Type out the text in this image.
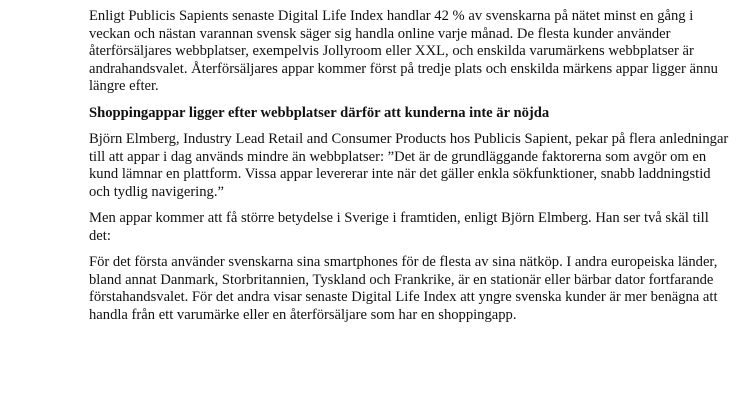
Enligt Publicis Sapients senaste Digital Life Index handlar 42 % av svenskarna på nätet minst en gång i veckan och nästan varannan svensk säger sig handla online varje månad. De flesta kunder använder återförsäljares webbplatser, exempelvis Jollyroom eller XXL, och enskilda varumärkens webbplatser är andrahandsvalet. Återförsäljares appar kommer först på tredje plats och enskilda märkens appar ligger ännu längre efter.

Shoppingappar ligger efter webbplatser därför att kunderna inte är nöjda

Björn Elmberg, Industry Lead Retail and Consumer Products hos Publicis Sapient, pekar på flera anledningar till att appar i dag används mindre än webbplatser: ”Det är de grundläggande faktorerna som avgör om en kund lämnar en plattform. Vissa appar levererar inte när det gäller enkla sökfunktioner, snabb laddningstid och tydlig navigering.”

Men appar kommer att få större betydelse i Sverige i framtiden, enligt Björn Elmberg. Han ser två skäl till det:

För det första använder svenskarna sina smartphones för de flesta av sina nätköp. I andra europeiska länder, bland annat Danmark, Storbritannien, Tyskland och Frankrike, är en stationär eller bärbar dator fortfarande förstahandsvalet. För det andra visar senaste Digital Life Index att yngre svenska kunder är mer benägna att handla från ett varumärke eller en återförsäljare som har en shoppingapp.
